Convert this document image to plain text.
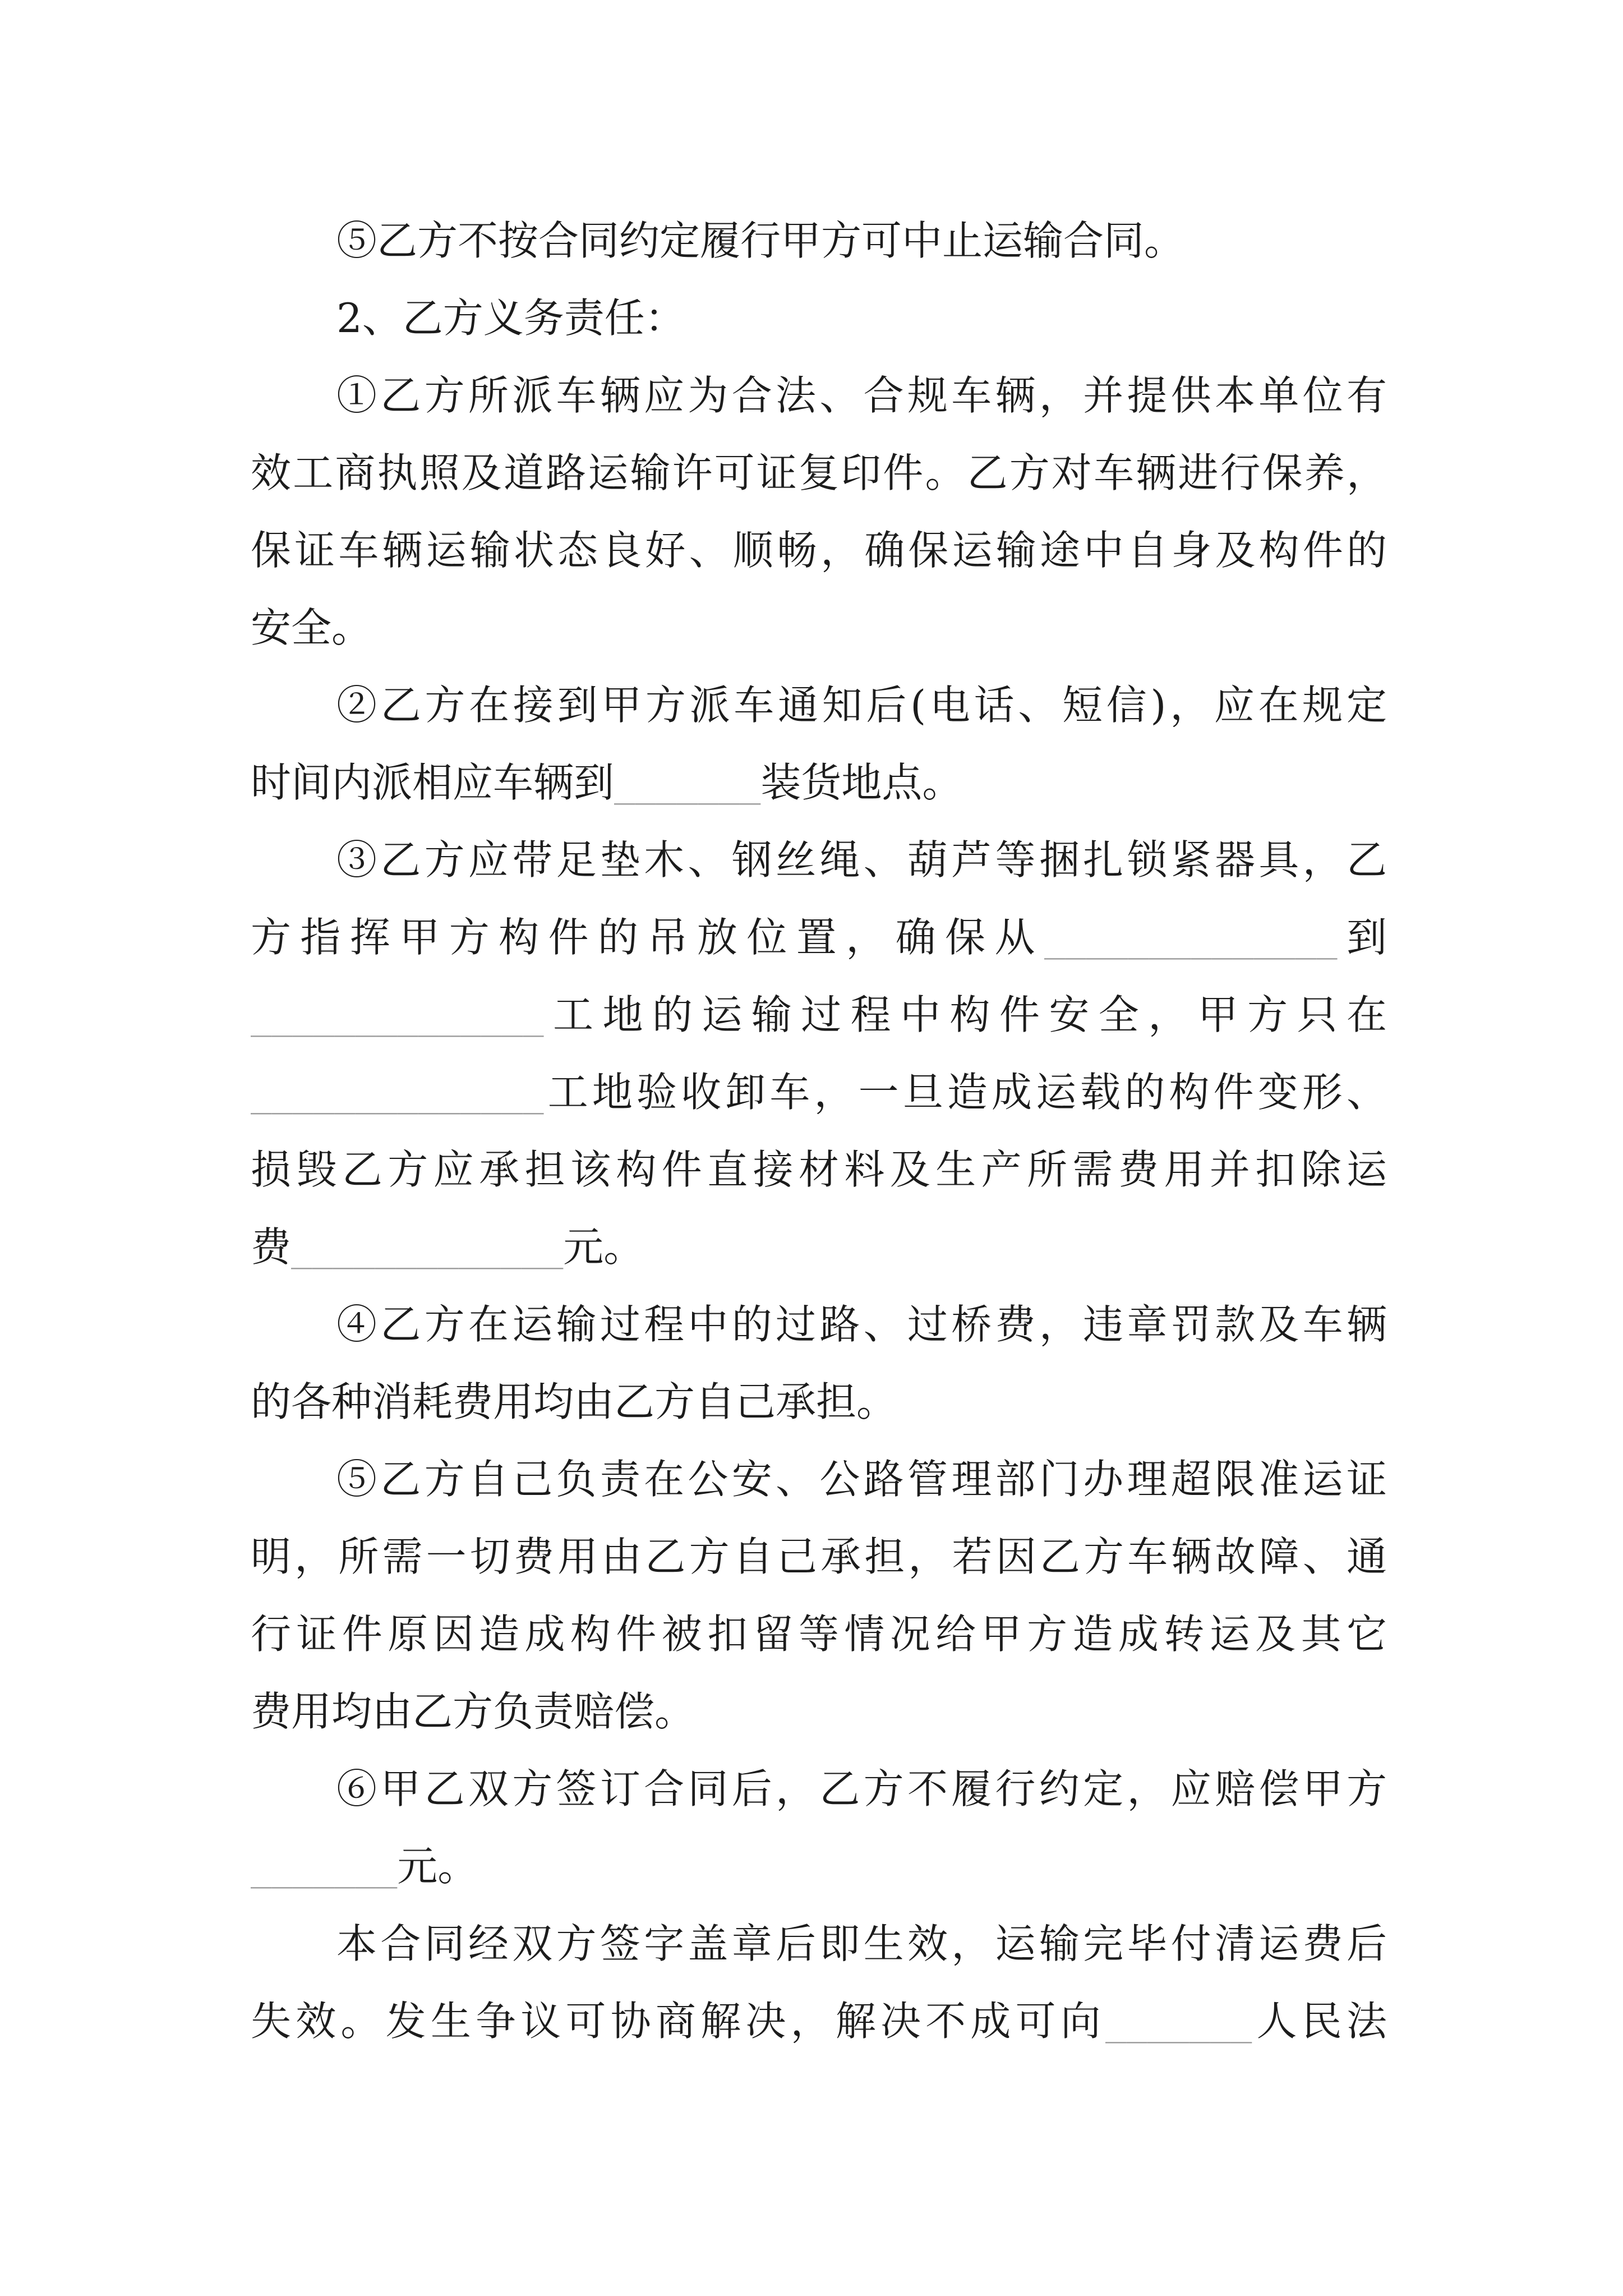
⑤乙方不按合同约定履行甲方可中止运输合同。
2、乙方义务责任：
①乙方所派车辆应为合法、合规车辆，并提供本单位有
效工商执照及道路运输许可证复印件。乙方对车辆进行保养，
保证车辆运输状态良好、顺畅，确保运输途中自身及构件的
安全。
②乙方在接到甲方派车通知后(电话、短信)，应在规定
时间内派相应车辆到_______装货地点。
③乙方应带足垫木、钢丝绳、葫芦等捆扎锁紧器具，乙
方指挥甲方构件的吊放位置，确保从______________到
______________工地的运输过程中构件安全，甲方只在
______________工地验收卸车，一旦造成运载的构件变形、
损毁乙方应承担该构件直接材料及生产所需费用并扣除运
费_____________元。
④乙方在运输过程中的过路、过桥费，违章罚款及车辆
的各种消耗费用均由乙方自己承担。
⑤乙方自己负责在公安、公路管理部门办理超限准运证
明，所需一切费用由乙方自己承担，若因乙方车辆故障、通
行证件原因造成构件被扣留等情况给甲方造成转运及其它
费用均由乙方负责赔偿。
⑥甲乙双方签订合同后，乙方不履行约定，应赔偿甲方
_______元。
本合同经双方签字盖章后即生效，运输完毕付清运费后
失效。发生争议可协商解决，解决不成可向_______人民法
